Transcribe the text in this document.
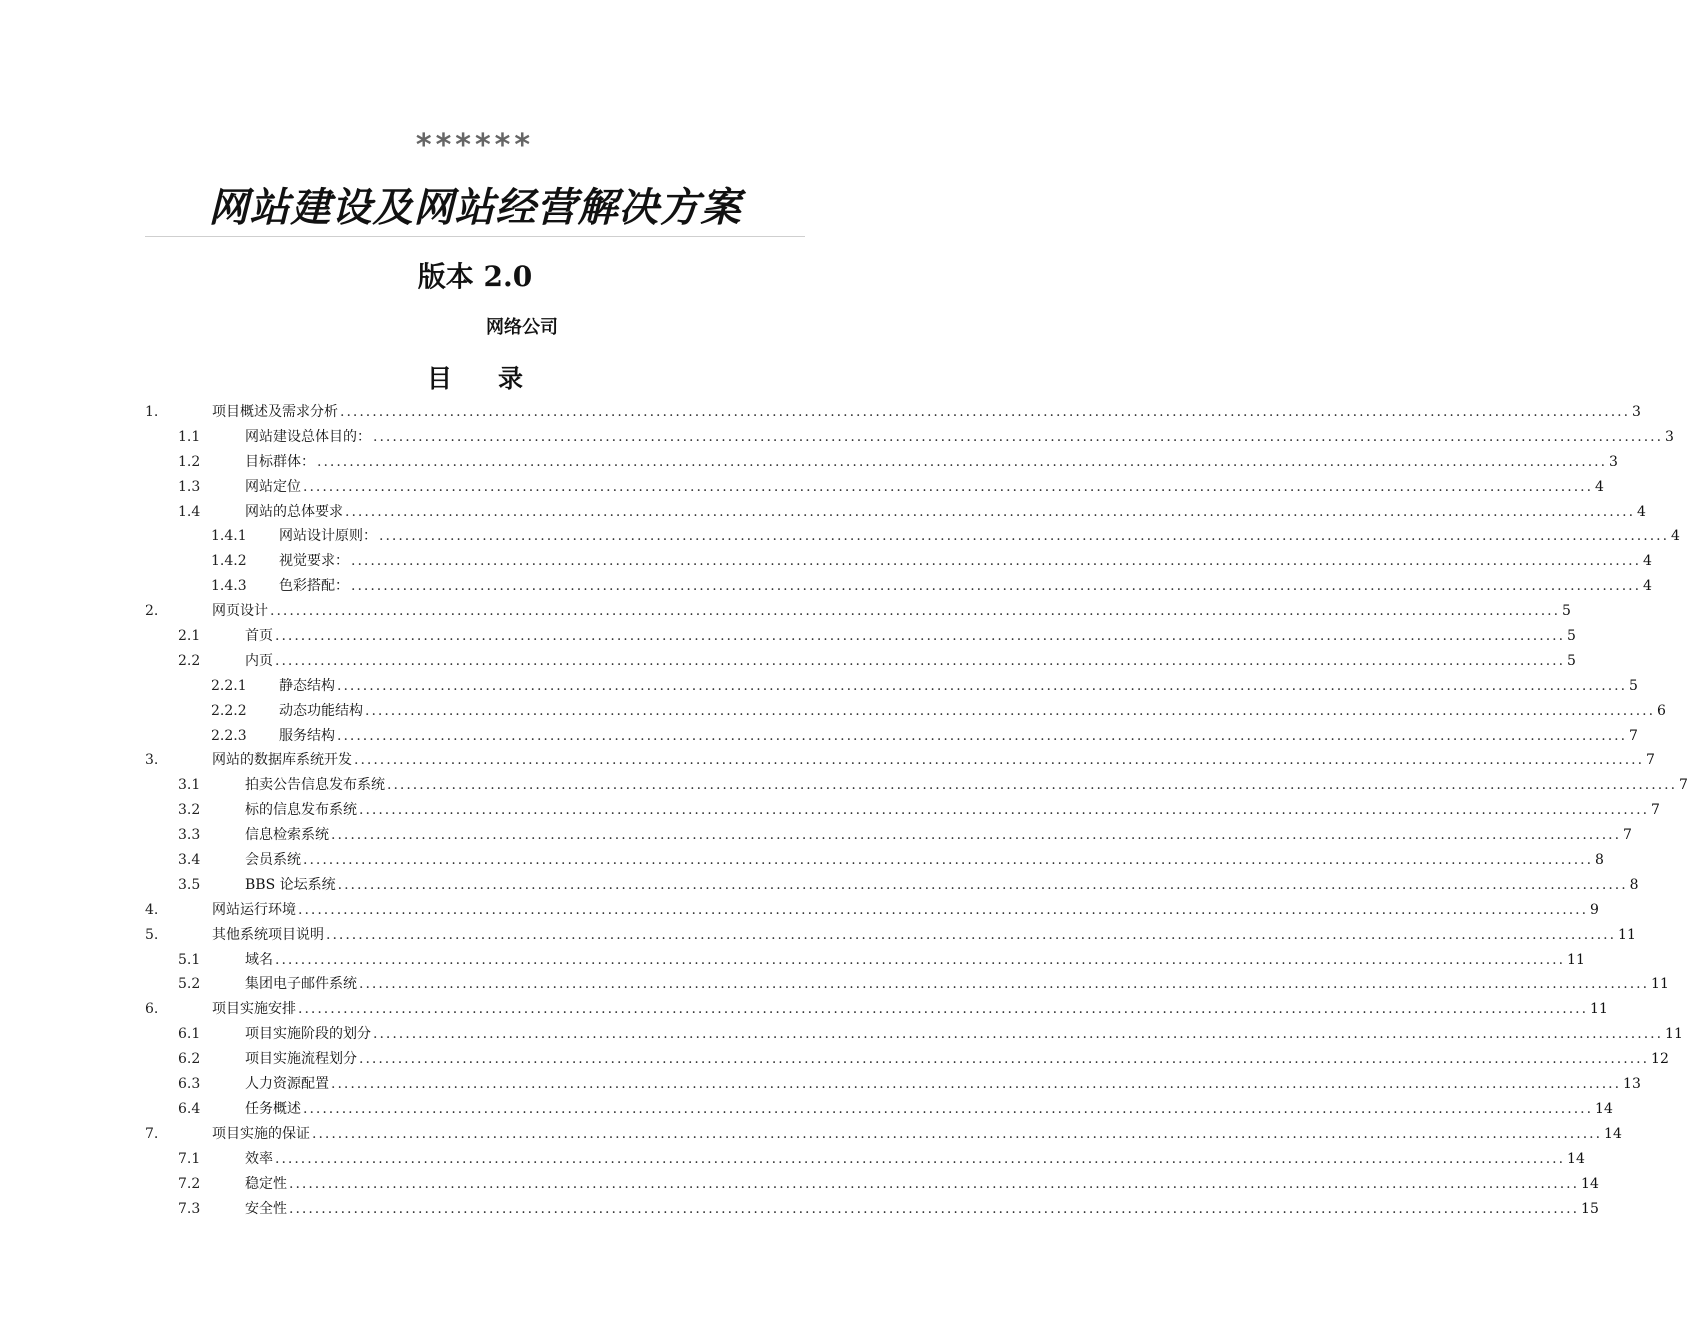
******
网站建设及网站经营解决方案
版本 2.0
网络公司
目录
1.	项目概述及需求分析 ........................................................................................................................................................................................................ 3
1.1	网站建设总体目的： ........................................................................................................................................................................................................ 3
1.2	目标群体： ........................................................................................................................................................................................................ 3
1.3	网站定位 ........................................................................................................................................................................................................ 4
1.4	网站的总体要求 ........................................................................................................................................................................................................ 4
1.4.1 网站设计原则： ........................................................................................................................................................................................................ 4
1.4.2 视觉要求： ........................................................................................................................................................................................................ 4
1.4.3 色彩搭配： ........................................................................................................................................................................................................ 4
2.	网页设计 ........................................................................................................................................................................................................ 5
2.1	首页 ........................................................................................................................................................................................................ 5
2.2	内页 ........................................................................................................................................................................................................ 5
2.2.1 静态结构 ........................................................................................................................................................................................................ 5
2.2.2 动态功能结构 ........................................................................................................................................................................................................ 6
2.2.3 服务结构 ........................................................................................................................................................................................................ 7
3.	网站的数据库系统开发 ........................................................................................................................................................................................................ 7
3.1	拍卖公告信息发布系统 ........................................................................................................................................................................................................ 7
3.2	标的信息发布系统 ........................................................................................................................................................................................................ 7
3.3	信息检索系统 ........................................................................................................................................................................................................ 7
3.4	会员系统 ........................................................................................................................................................................................................ 8
3.5	BBS 论坛系统 ........................................................................................................................................................................................................ 8
4.	网站运行环境 ........................................................................................................................................................................................................ 9
5.	其他系统项目说明 ........................................................................................................................................................................................................ 11
5.1	域名 ........................................................................................................................................................................................................ 11
5.2	集团电子邮件系统 ........................................................................................................................................................................................................ 11
6.	项目实施安排 ........................................................................................................................................................................................................ 11
6.1	项目实施阶段的划分 ........................................................................................................................................................................................................ 11
6.2	项目实施流程划分 ........................................................................................................................................................................................................ 12
6.3	人力资源配置 ........................................................................................................................................................................................................ 13
6.4	任务概述 ........................................................................................................................................................................................................ 14
7.	项目实施的保证 ........................................................................................................................................................................................................ 14
7.1	效率 ........................................................................................................................................................................................................ 14
7.2	稳定性 ........................................................................................................................................................................................................ 14
7.3	安全性 ........................................................................................................................................................................................................ 15
